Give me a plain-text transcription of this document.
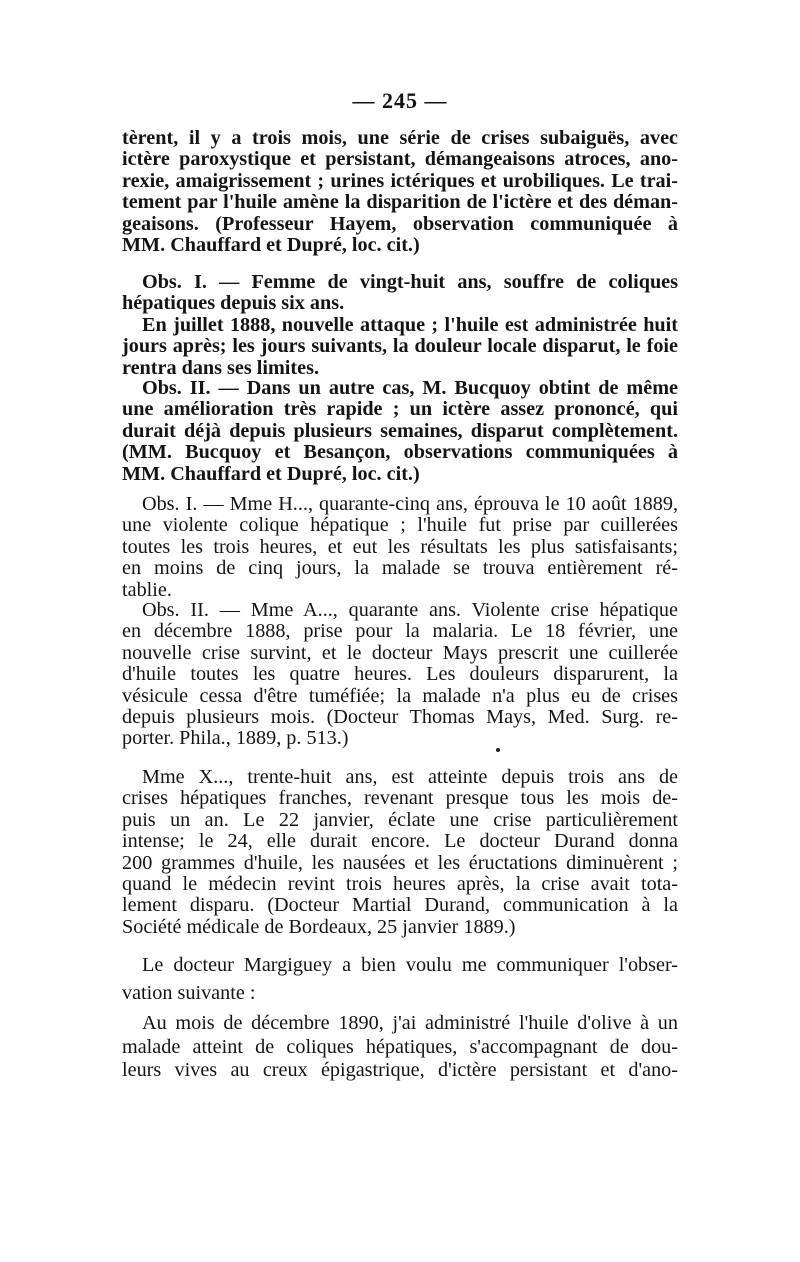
— 245 —
tèrent, il y a trois mois, une série de crises subaiguës, avec
ictère paroxystique et persistant, démangeaisons atroces, ano-
rexie, amaigrissement ; urines ictériques et urobiliques. Le trai-
tement par l'huile amène la disparition de l'ictère et des déman-
geaisons. (Professeur Hayem, observation communiquée à
MM. Chauffard et Dupré, loc. cit.)
Obs. I. — Femme de vingt-huit ans, souffre de coliques
hépatiques depuis six ans.
En juillet 1888, nouvelle attaque ; l'huile est administrée huit
jours après; les jours suivants, la douleur locale disparut, le foie
rentra dans ses limites.
Obs. II. — Dans un autre cas, M. Bucquoy obtint de même
une amélioration très rapide ; un ictère assez prononcé, qui
durait déjà depuis plusieurs semaines, disparut complètement.
(MM. Bucquoy et Besançon, observations communiquées à
MM. Chauffard et Dupré, loc. cit.)
Obs. I. — Mme H..., quarante-cinq ans, éprouva le 10 août 1889,
une violente colique hépatique ; l'huile fut prise par cuillerées
toutes les trois heures, et eut les résultats les plus satisfaisants;
en moins de cinq jours, la malade se trouva entièrement ré-
tablie.
Obs. II. — Mme A..., quarante ans. Violente crise hépatique
en décembre 1888, prise pour la malaria. Le 18 février, une
nouvelle crise survint, et le docteur Mays prescrit une cuillerée
d'huile toutes les quatre heures. Les douleurs disparurent, la
vésicule cessa d'être tuméfiée; la malade n'a plus eu de crises
depuis plusieurs mois. (Docteur Thomas Mays, Med. Surg. re-
porter. Phila., 1889, p. 513.)
Mme X..., trente-huit ans, est atteinte depuis trois ans de
crises hépatiques franches, revenant presque tous les mois de-
puis un an. Le 22 janvier, éclate une crise particulièrement
intense; le 24, elle durait encore. Le docteur Durand donna
200 grammes d'huile, les nausées et les éructations diminuèrent ;
quand le médecin revint trois heures après, la crise avait tota-
lement disparu. (Docteur Martial Durand, communication à la
Société médicale de Bordeaux, 25 janvier 1889.)
Le docteur Margiguey a bien voulu me communiquer l'obser-
vation suivante :
Au mois de décembre 1890, j'ai administré l'huile d'olive à un
malade atteint de coliques hépatiques, s'accompagnant de dou-
leurs vives au creux épigastrique, d'ictère persistant et d'ano-
